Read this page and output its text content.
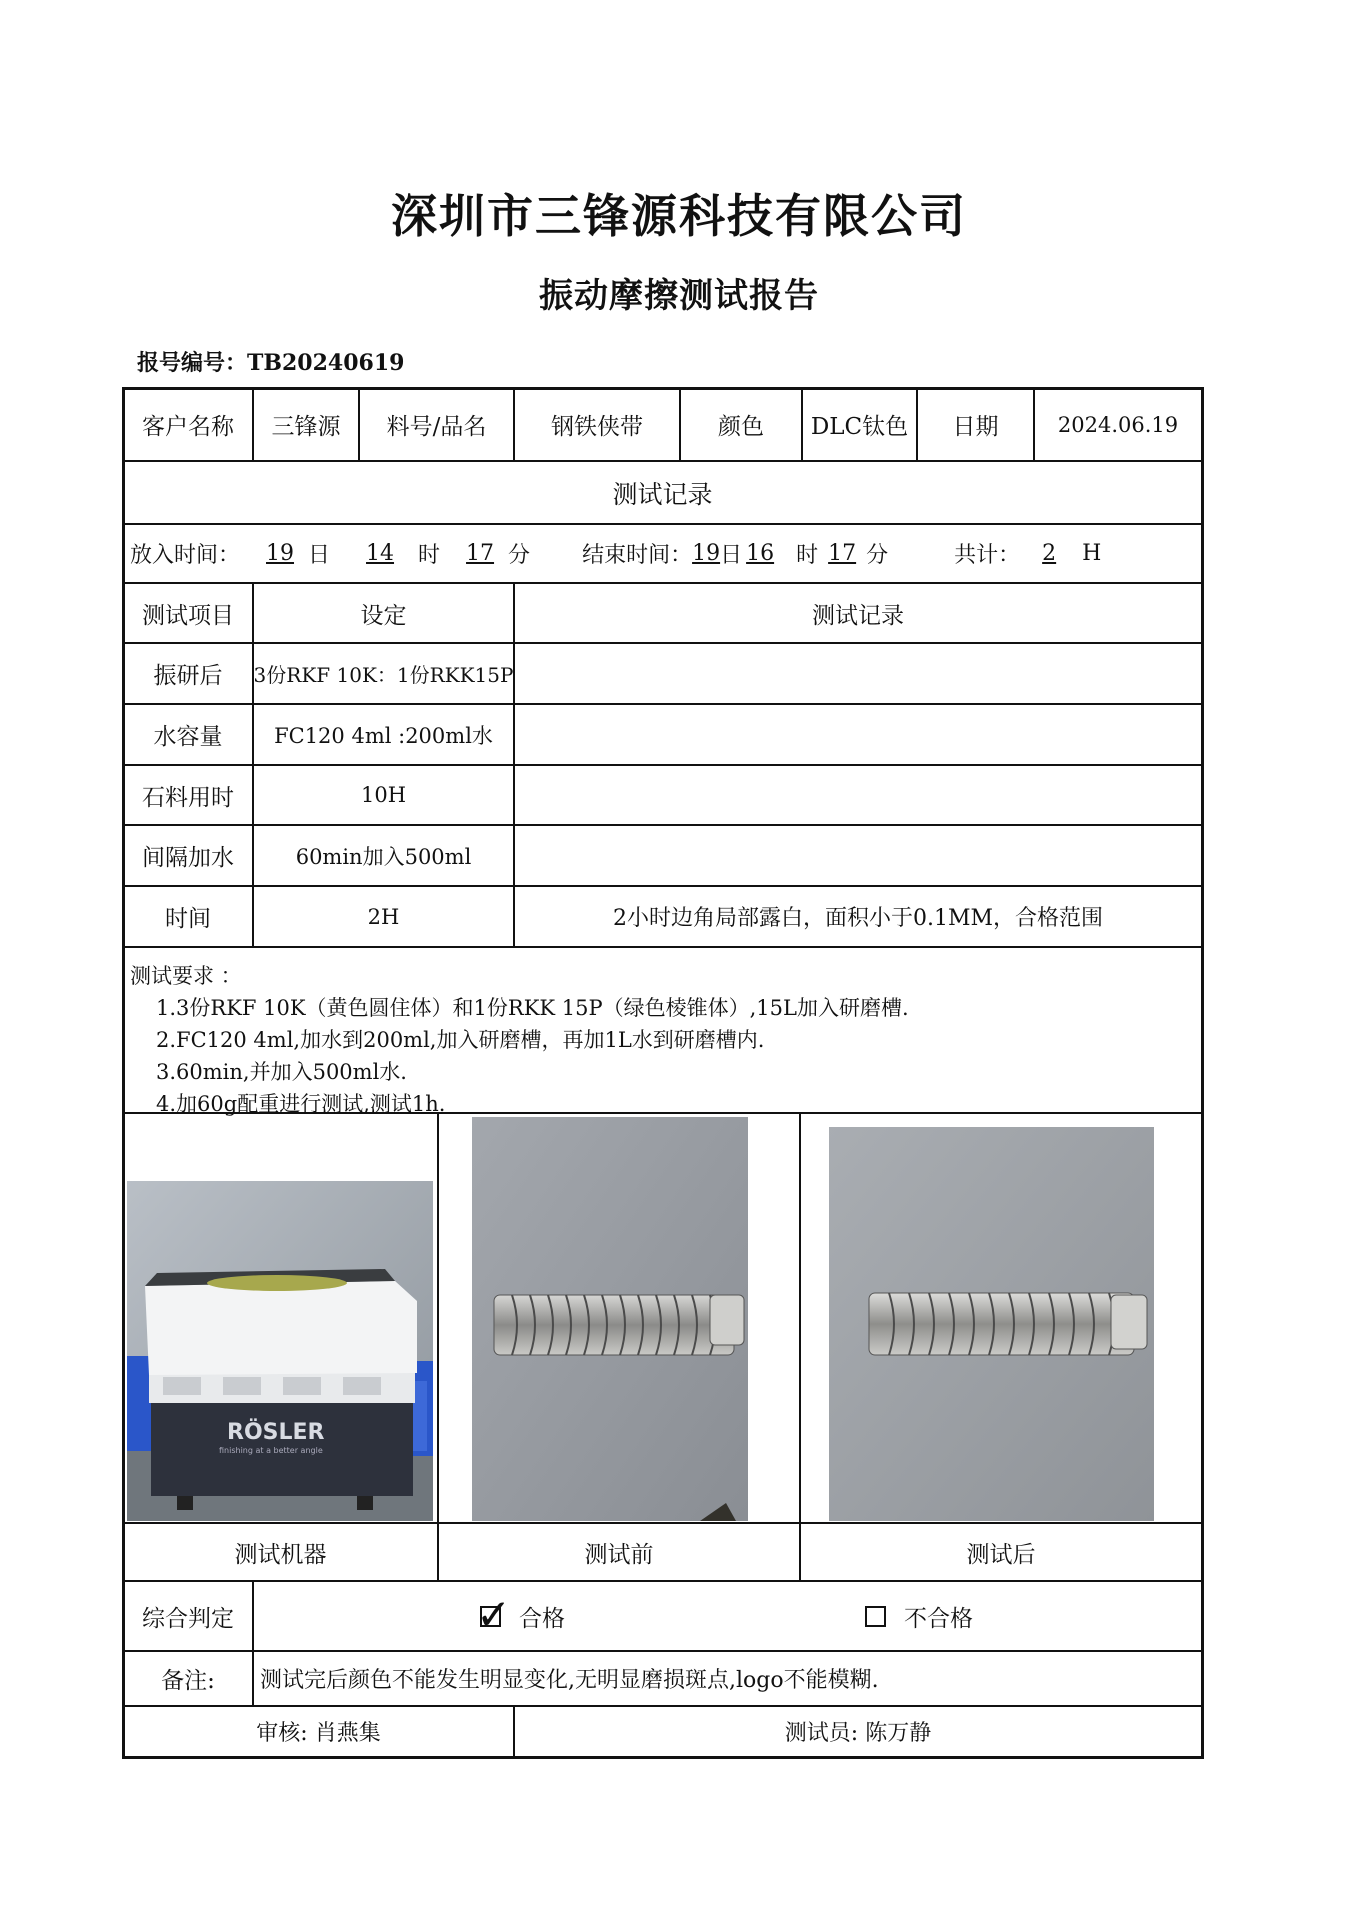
深圳市三锋源科技有限公司
振动摩擦测试报告
报号编号：TB20240619
客户名称	三锋源	料号/品名	钢铁侠带	颜色	DLC钛色	日期	2024.06.19
测试记录
放入时间：	19 日	14	时	17 分 结束时间： 19 日 16	时 17 分	共计：	2	H
测试项目	设定	测试记录
振研后	3份RKF 10K：1份RKK15P
水容量	FC120 4ml :200ml水
石料用时	10H
间隔加水	60min加入500ml
时间	2H	2小时边角局部露白，面积小于0.1MM，合格范围
测试要求 ：
1.3份RKF 10K（黄色圆住体）和1份RKK 15P（绿色棱锥体）,15L加入研磨槽.
2.FC120 4ml,加水到200ml,加入研磨槽，再加1L水到研磨槽内.
3.60min,并加入500ml水.
4.加60g配重进行测试,测试1h.
RÖSLER
finishing at a better angle
测试机器	测试前	测试后
综合判定	✓ 合格	不合格
备注:	测试完后颜色不能发生明显变化,无明显磨损斑点,logo不能模糊.
审核: 肖燕集	测试员: 陈万静
